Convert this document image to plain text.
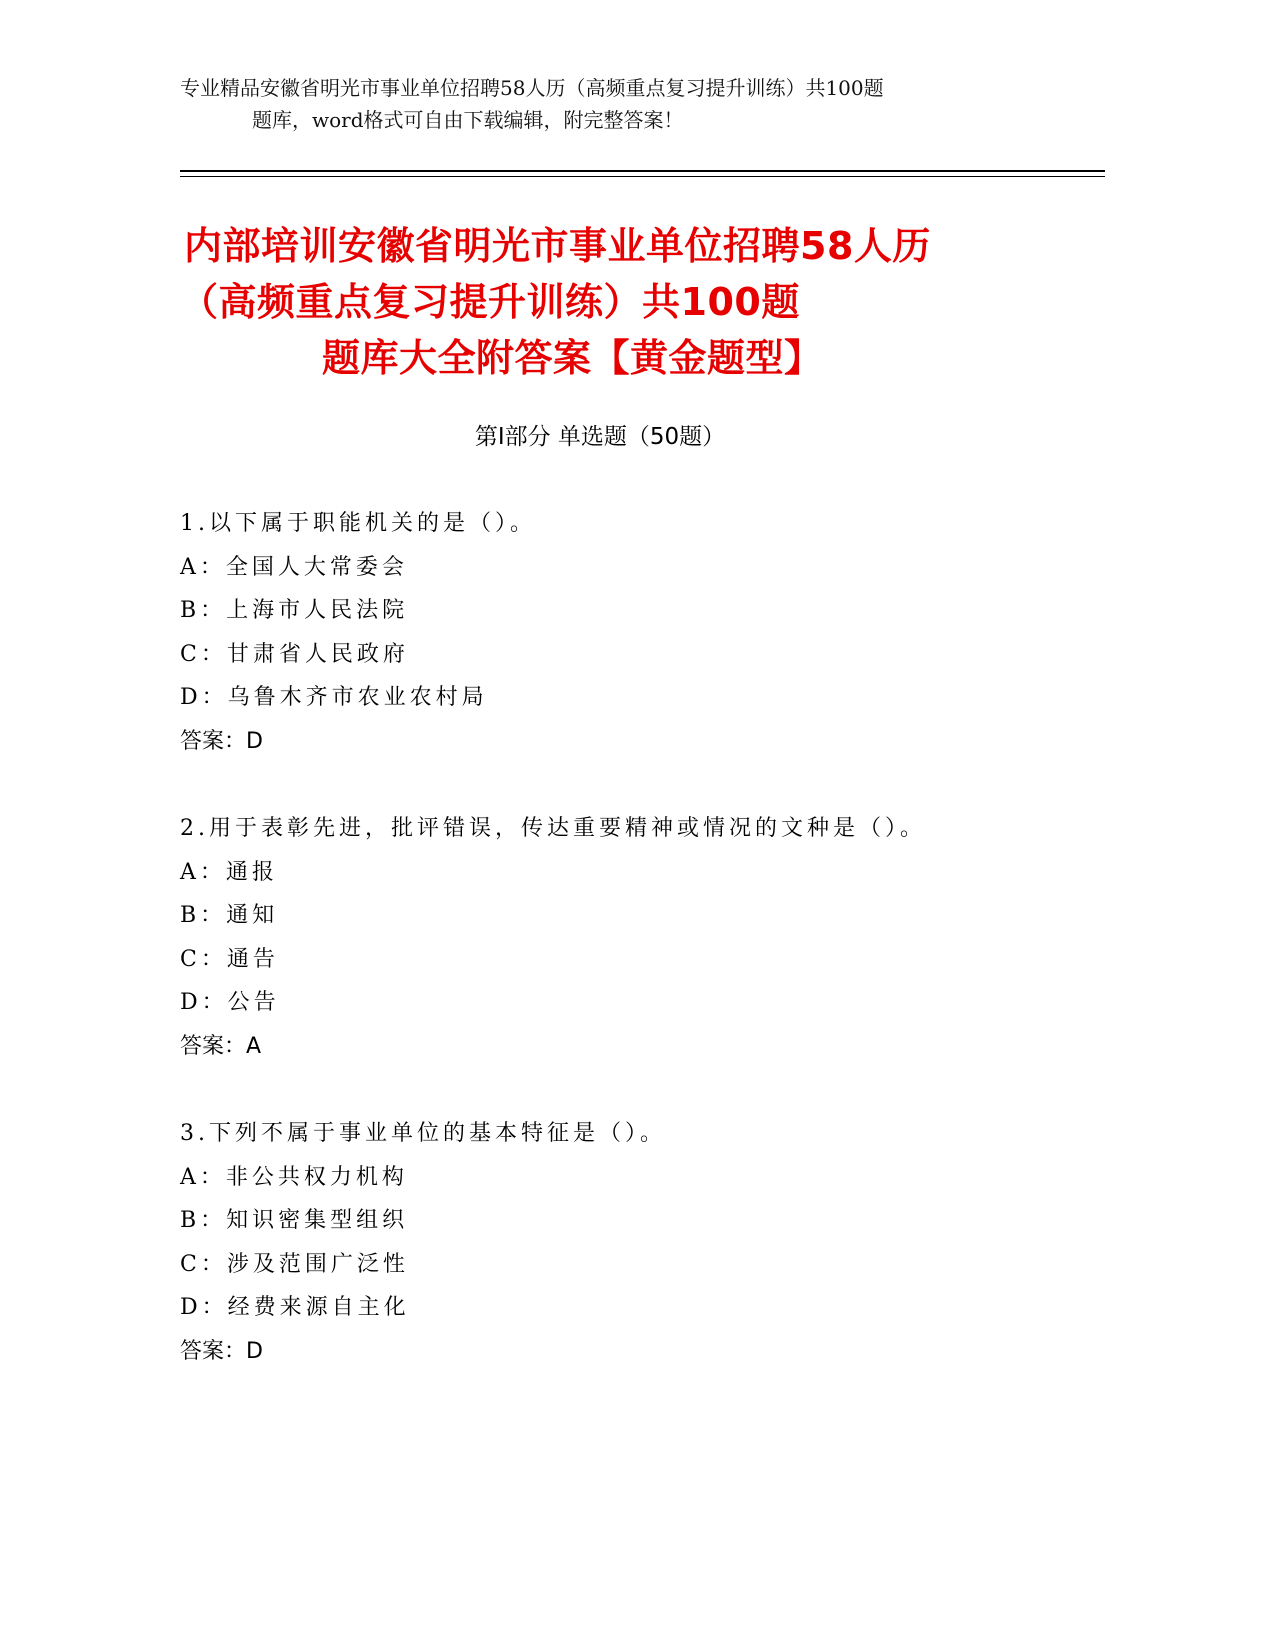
专业精品安徽省明光市事业单位招聘58人历（高频重点复习提升训练）共100题
题库，word格式可自由下载编辑，附完整答案！
内部培训安徽省明光市事业单位招聘58人历
（高频重点复习提升训练）共100题
题库大全附答案【黄金题型】
第Ⅰ部分 单选题（50题）
1.以下属于职能机关的是（）。
A：全国人大常委会
B：上海市人民法院
C：甘肃省人民政府
D：乌鲁木齐市农业农村局
答案：D
2.用于表彰先进，批评错误，传达重要精神或情况的文种是（）。
A：通报
B：通知
C：通告
D：公告
答案：A
3.下列不属于事业单位的基本特征是（）。
A：非公共权力机构
B：知识密集型组织
C：涉及范围广泛性
D：经费来源自主化
答案：D
